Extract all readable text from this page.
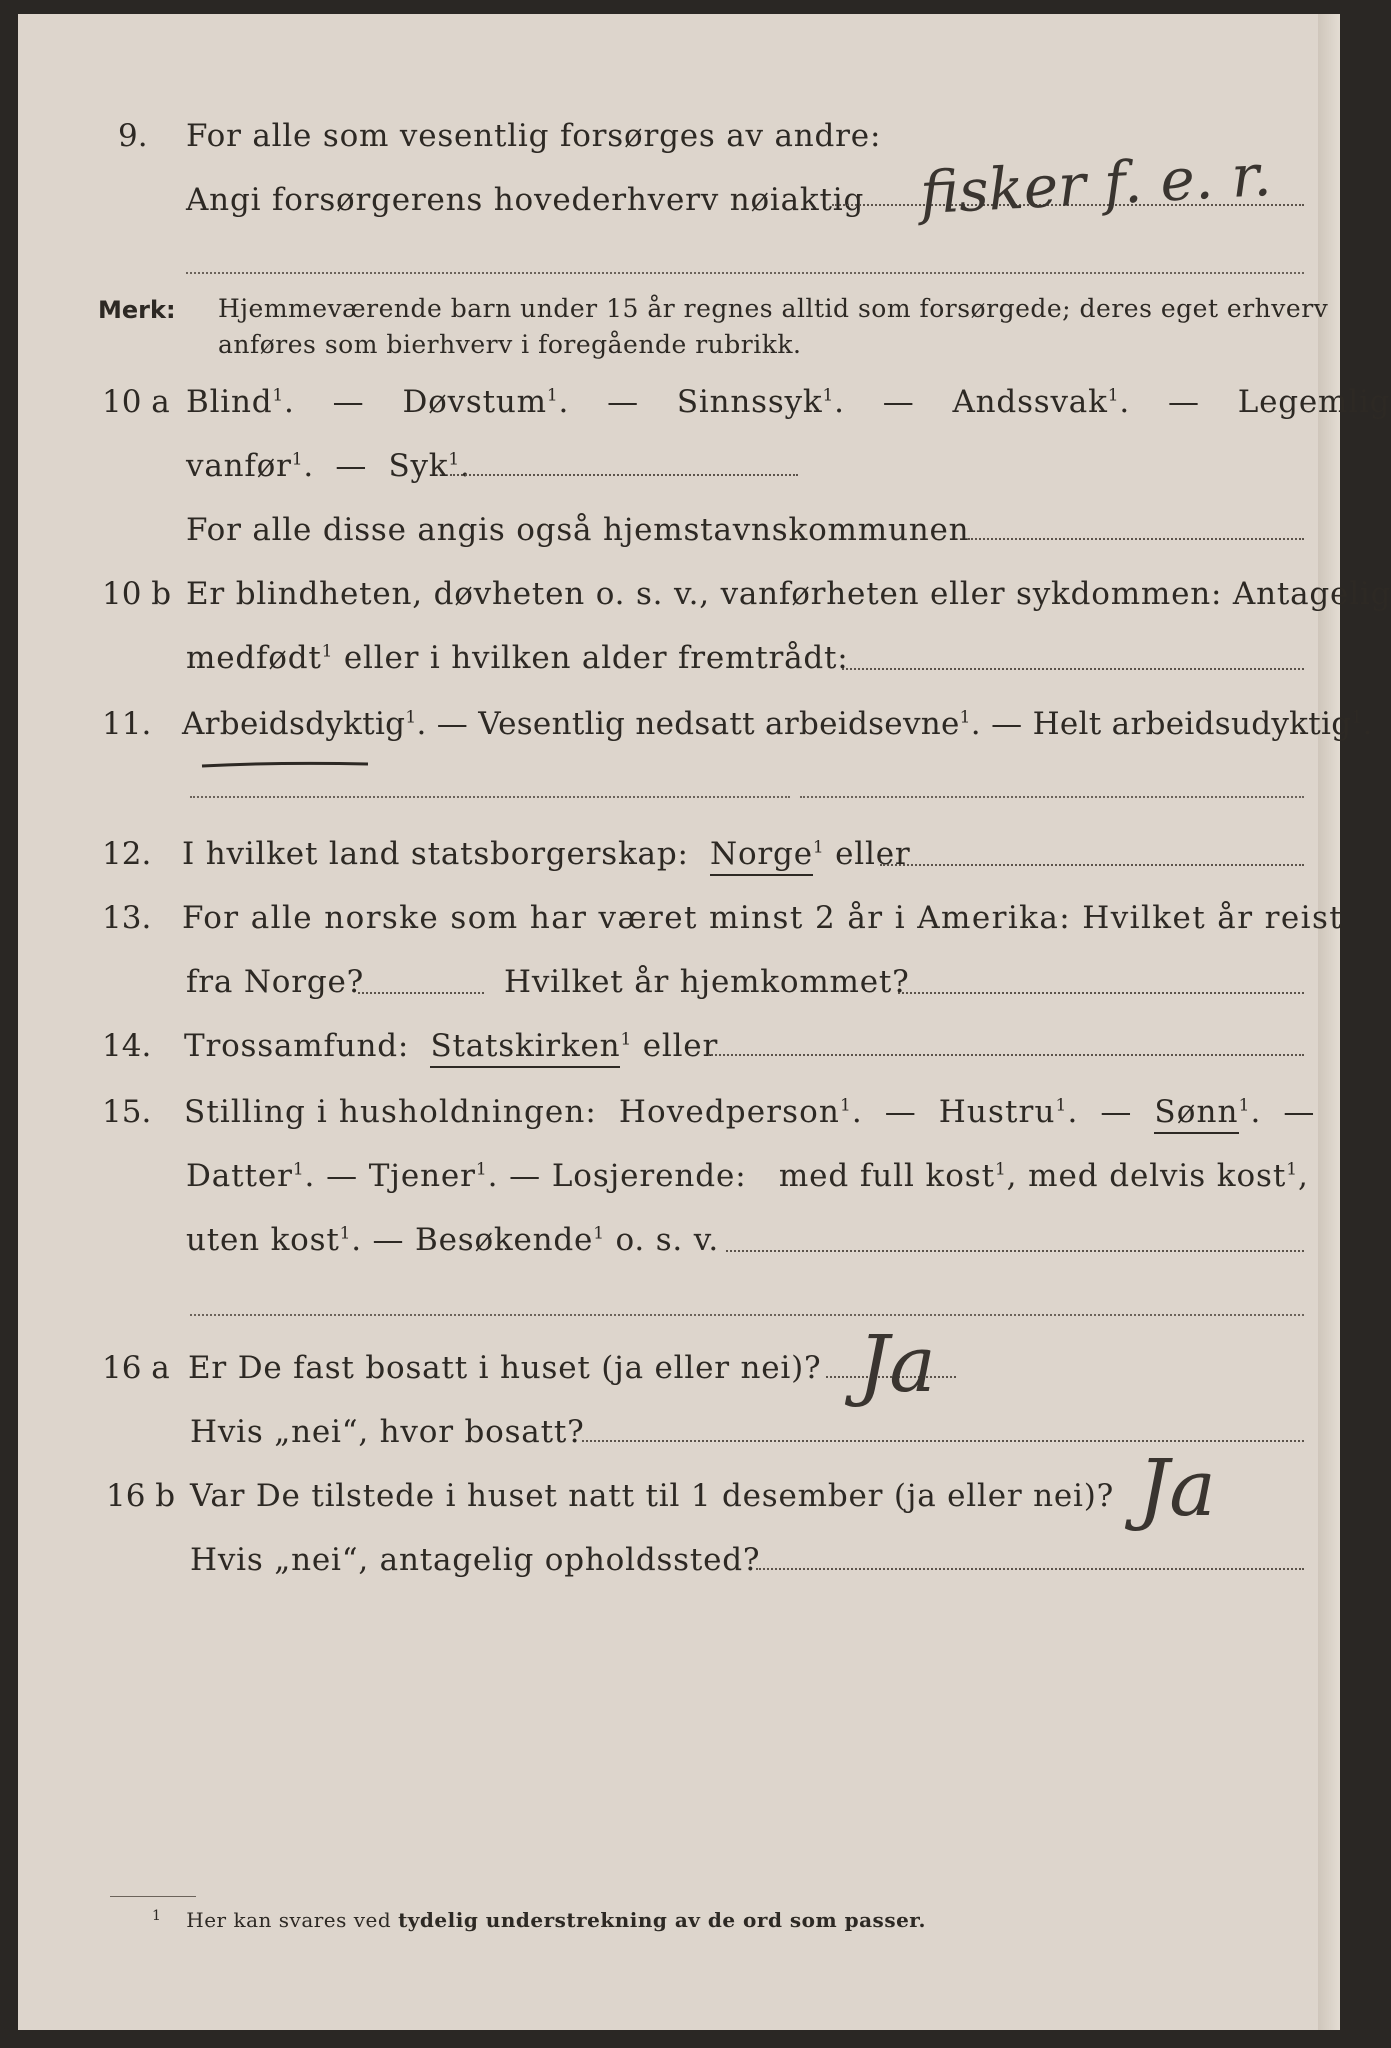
9. For alle som vesentlig forsørges av andre:
Angi forsørgerens hovederhverv nøiaktig fisker f. e. r.
Merk: Hjemmeværende barn under 15 år regnes alltid som forsørgede; deres eget erhverv
anføres som bierhverv i foregående rubrikk.
10 a Blind$^1$.   — Døvstum$^1$.   — Sinnssyk$^1$.   — Andssvak$^1$.   — Legemlig
vanfør$^1$.  — Syk$^1$.
For alle disse angis også hjemstavnskommunen
10 b Er blindheten, døvheten o. s. v., vanførheten eller sykdommen: Antagelig
medfødt$^1$ eller i hvilken alder fremtrådt:
11. Arbeidsdyktig$^1$. — Vesentlig nedsatt arbeidsevne$^1$. — Helt arbeidsudyktig$^1$.
12. I hvilket land statsborgerskap: Norge$^1$ eller
13. For alle norske som har været minst 2 år i Amerika: Hvilket år reist
fra Norge?	Hvilket år hjemkommet?
14. Trossamfund: Statskirken$^1$ eller
15. Stilling i husholdningen: Hovedperson$^1$.  — Hustru$^1$.  — Sønn$^1$.  —
Datter$^1$. — Tjener$^1$. — Losjerende: med full kost$^1$, med delvis kost$^1$,
uten kost$^1$. — Besøkende$^1$ o. s. v.
16 a Er De fast bosatt i huset (ja eller nei)? Ja
Hvis „nei“, hvor bosatt?
16 b Var De tilstede i huset natt til 1 desember (ja eller nei)? Ja
Hvis „nei“, antagelig opholdssted?
$^1$ Her kan svares ved tydelig understrekning av de ord som passer.
